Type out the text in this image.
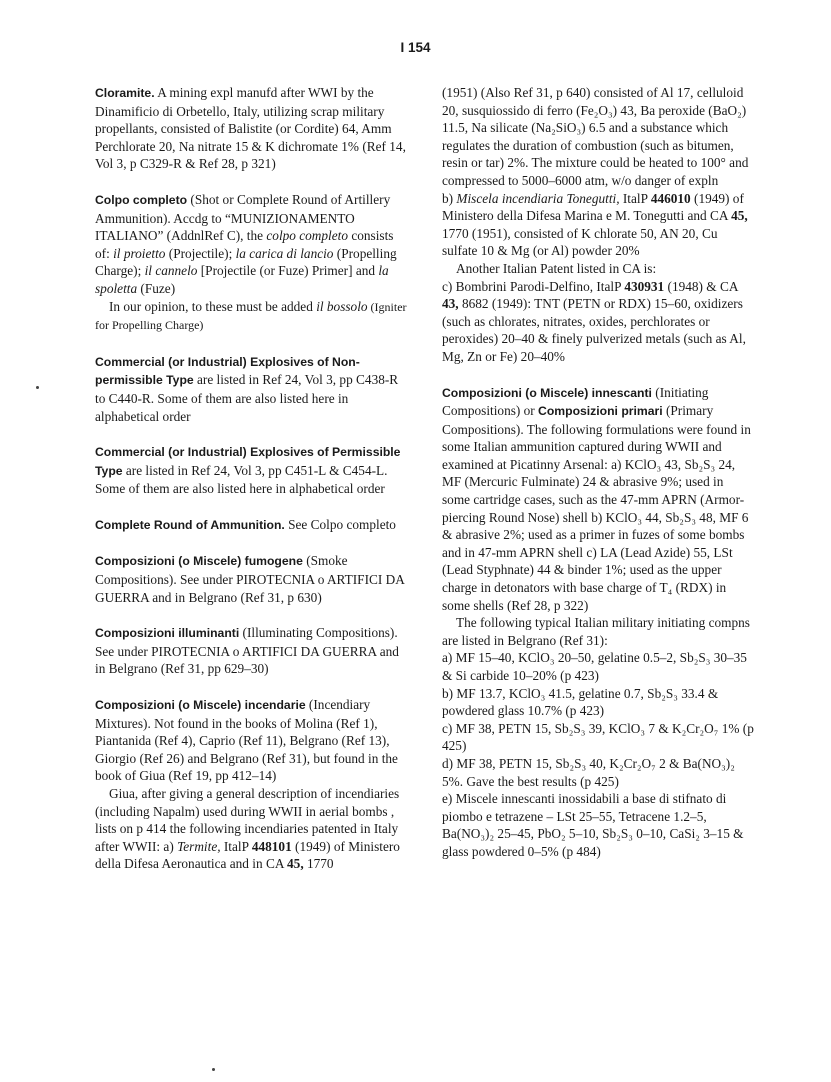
I 154

Cloramite. A mining expl manufd after WWI by the Dinamificio di Orbetello, Italy, utilizing scrap military propellants, consisted of Balistite (or Cordite) 64, Amm Perchlorate 20, Na nitrate 15 & K dichromate 1% (Ref 14, Vol 3, p C329-R & Ref 28, p 321)

Colpo completo (Shot or Complete Round of Artillery Ammunition). Accdg to “MUNIZIONAMENTO ITALIANO” (AddnlRef C), the colpo completo consists of: il proietto (Projectile); la carica di lancio (Propelling Charge); il cannelo [Projectile (or Fuze) Primer] and la spoletta (Fuze)

In our opinion, to these must be added il bossolo (Igniter for Propelling Charge)

Commercial (or Industrial) Explosives of Non-permissible Type are listed in Ref 24, Vol 3, pp C438-R to C440-R. Some of them are also listed here in alphabetical order

Commercial (or Industrial) Explosives of Permissible Type are listed in Ref 24, Vol 3, pp C451-L & C454-L. Some of them are also listed here in alphabetical order

Complete Round of Ammunition. See Colpo completo

Composizioni (o Miscele) fumogene (Smoke Compositions). See under PIROTECNIA o ARTIFICI DA GUERRA and in Belgrano (Ref 31, p 630)

Composizioni illuminanti (Illuminating Compositions). See under PIROTECNIA o ARTIFICI DA GUERRA and in Belgrano (Ref 31, pp 629–30)

Composizioni (o Miscele) incendarie (Incendiary Mixtures). Not found in the books of Molina (Ref 1), Piantanida (Ref 4), Caprio (Ref 11), Belgrano (Ref 13), Giorgio (Ref 26) and Belgrano (Ref 31), but found in the book of Giua (Ref 19, pp 412–14)

Giua, after giving a general description of incendiaries (including Napalm) used during WWII in aerial bombs , lists on p 414 the following incendiaries patented in Italy after WWII: a) Termite, ItalP 448101 (1949) of Ministero della Difesa Aeronautica and in CA 45, 1770

(1951) (Also Ref 31, p 640) consisted of Al 17, celluloid 20, susquiossido di ferro (Fe₂O₃) 43, Ba peroxide (BaO₂) 11.5, Na silicate (Na₂SiO₃) 6.5 and a substance which regulates the duration of combustion (such as bitumen, resin or tar) 2%. The mixture could be heated to 100° and compressed to 5000–6000 atm, w/o danger of expln

b) Miscela incendiaria Tonegutti, ItalP 446010 (1949) of Ministero della Difesa Marina e M. Tonegutti and CA 45, 1770 (1951), consisted of K chlorate 50, AN 20, Cu sulfate 10 & Mg (or Al) powder 20%

Another Italian Patent listed in CA is:

c) Bombrini Parodi-Delfino, ItalP 430931 (1948) & CA 43, 8682 (1949): TNT (PETN or RDX) 15–60, oxidizers (such as chlorates, nitrates, oxides, perchlorates or peroxides) 20–40 & finely pulverized metals (such as Al, Mg, Zn or Fe) 20–40%

Composizioni (o Miscele) innescanti (Initiating Compositions) or Composizioni primari (Primary Compositions). The following formulations were found in some Italian ammunition captured during WWII and examined at Picatinny Arsenal: a) KClO₃ 43, Sb₂S₃ 24, MF (Mercuric Fulminate) 24 & abrasive 9%; used in some cartridge cases, such as the 47-mm APRN (Armor-piercing Round Nose) shell b) KClO₃ 44, Sb₂S₃ 48, MF 6 & abrasive 2%; used as a primer in fuzes of some bombs and in 47-mm APRN shell c) LA (Lead Azide) 55, LSt (Lead Styphnate) 44 & binder 1%; used as the upper charge in detonators with base charge of T₄ (RDX) in some shells (Ref 28, p 322)

The following typical Italian military initiating compns are listed in Belgrano (Ref 31):

a) MF 15–40, KClO₃ 20–50, gelatine 0.5–2, Sb₂S₃ 30–35 & Si carbide 10–20% (p 423)

b) MF 13.7, KClO₃ 41.5, gelatine 0.7, Sb₂S₃ 33.4 & powdered glass 10.7% (p 423)

c) MF 38, PETN 15, Sb₂S₃ 39, KClO₃ 7 & K₂Cr₂O₇ 1% (p 425)

d) MF 38, PETN 15, Sb₂S₃ 40, K₂Cr₂O₇ 2 & Ba(NO₃)₂ 5%. Gave the best results (p 425)

e) Miscele innescanti inossidabili a base di stifnato di piombo e tetrazene – LSt 25–55, Tetracene 1.2–5, Ba(NO₃)₂ 25–45, PbO₂ 5–10, Sb₂S₃ 0–10, CaSi₂ 3–15 & glass powdered 0–5% (p 484)
